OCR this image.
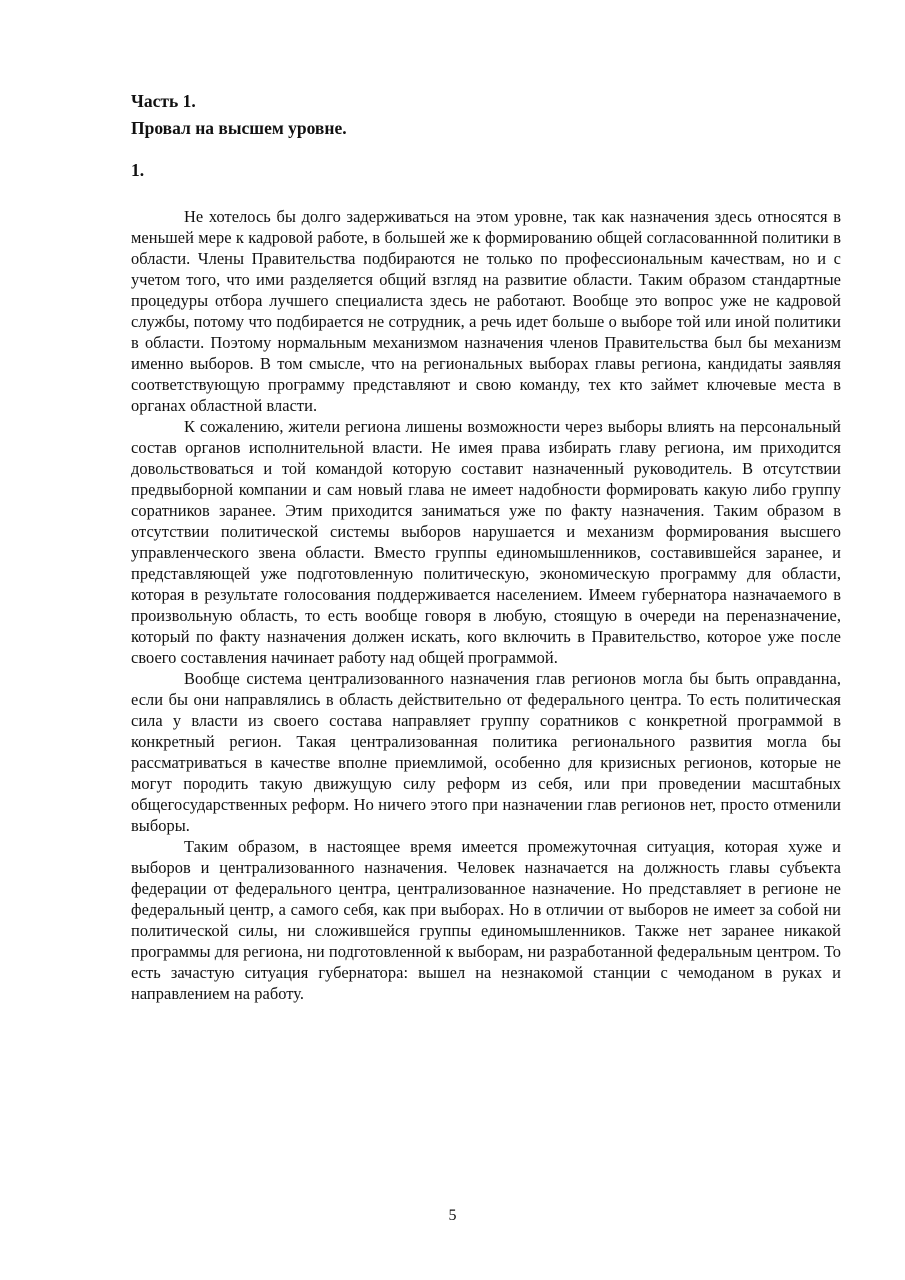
Часть 1.

Провал на высшем уровне.

1.

Не хотелось бы долго задерживаться на этом уровне, так как назначения здесь относятся в меньшей мере к кадровой работе, в большей же к формированию общей согласованнной политики в области. Члены Правительства подбираются не только по профессиональным качествам, но и с учетом того, что ими разделяется общий взгляд на развитие области. Таким образом стандартные процедуры отбора лучшего специалиста здесь не работают. Вообще это вопрос уже не кадровой службы, потому что подбирается не сотрудник, а речь идет больше о выборе той или иной политики в области. Поэтому нормальным механизмом назначения членов Правительства был бы механизм именно выборов. В том смысле, что на региональных выборах главы региона, кандидаты заявляя соответствующую программу представляют и свою команду, тех кто займет ключевые места в органах областной власти.

К сожалению, жители региона лишены возможности через выборы влиять на персональный состав органов исполнительной власти. Не имея права избирать главу региона, им приходится довольствоваться и той командой которую составит назначенный руководитель. В отсутствии предвыборной компании и сам новый глава не имеет надобности формировать какую либо группу соратников заранее. Этим приходится заниматься уже по факту назначения. Таким образом в отсутствии политической системы выборов нарушается и механизм формирования высшего управленческого звена области. Вместо группы единомышленников, составившейся заранее, и представляющей уже подготовленную политическую, экономическую программу для области, которая в результате голосования поддерживается населением. Имеем губернатора назначаемого в произвольную область, то есть вообще говоря в любую, стоящую в очереди на переназначение, который по факту назначения должен искать, кого включить в Правительство, которое уже после своего составления начинает работу над общей программой.

Вообще система централизованного назначения глав регионов могла бы быть оправданна, если бы они направлялись в область действительно от федерального центра. То есть политическая сила у власти из своего состава направляет группу соратников с конкретной программой в конкретный регион. Такая централизованная политика регионального развития могла бы рассматриваться в качестве вполне приемлимой, особенно для кризисных регионов, которые не могут породить такую движущую силу реформ из себя, или при проведении масштабных общегосударственных реформ. Но ничего этого при назначении глав регионов нет, просто отменили выборы.

Таким образом, в настоящее время имеется промежуточная ситуация, которая хуже и выборов и централизованного назначения. Человек назначается на должность главы субъекта федерации от федерального центра, централизованное назначение. Но представляет в регионе не федеральный центр, а самого себя, как при выборах. Но в отличии от выборов не имеет за собой ни политической силы, ни сложившейся группы единомышленников. Также нет заранее никакой программы для региона, ни подготовленной к выборам, ни разработанной федеральным центром. То есть зачастую ситуация губернатора: вышел на незнакомой станции с чемоданом в руках и направлением на работу.

5
